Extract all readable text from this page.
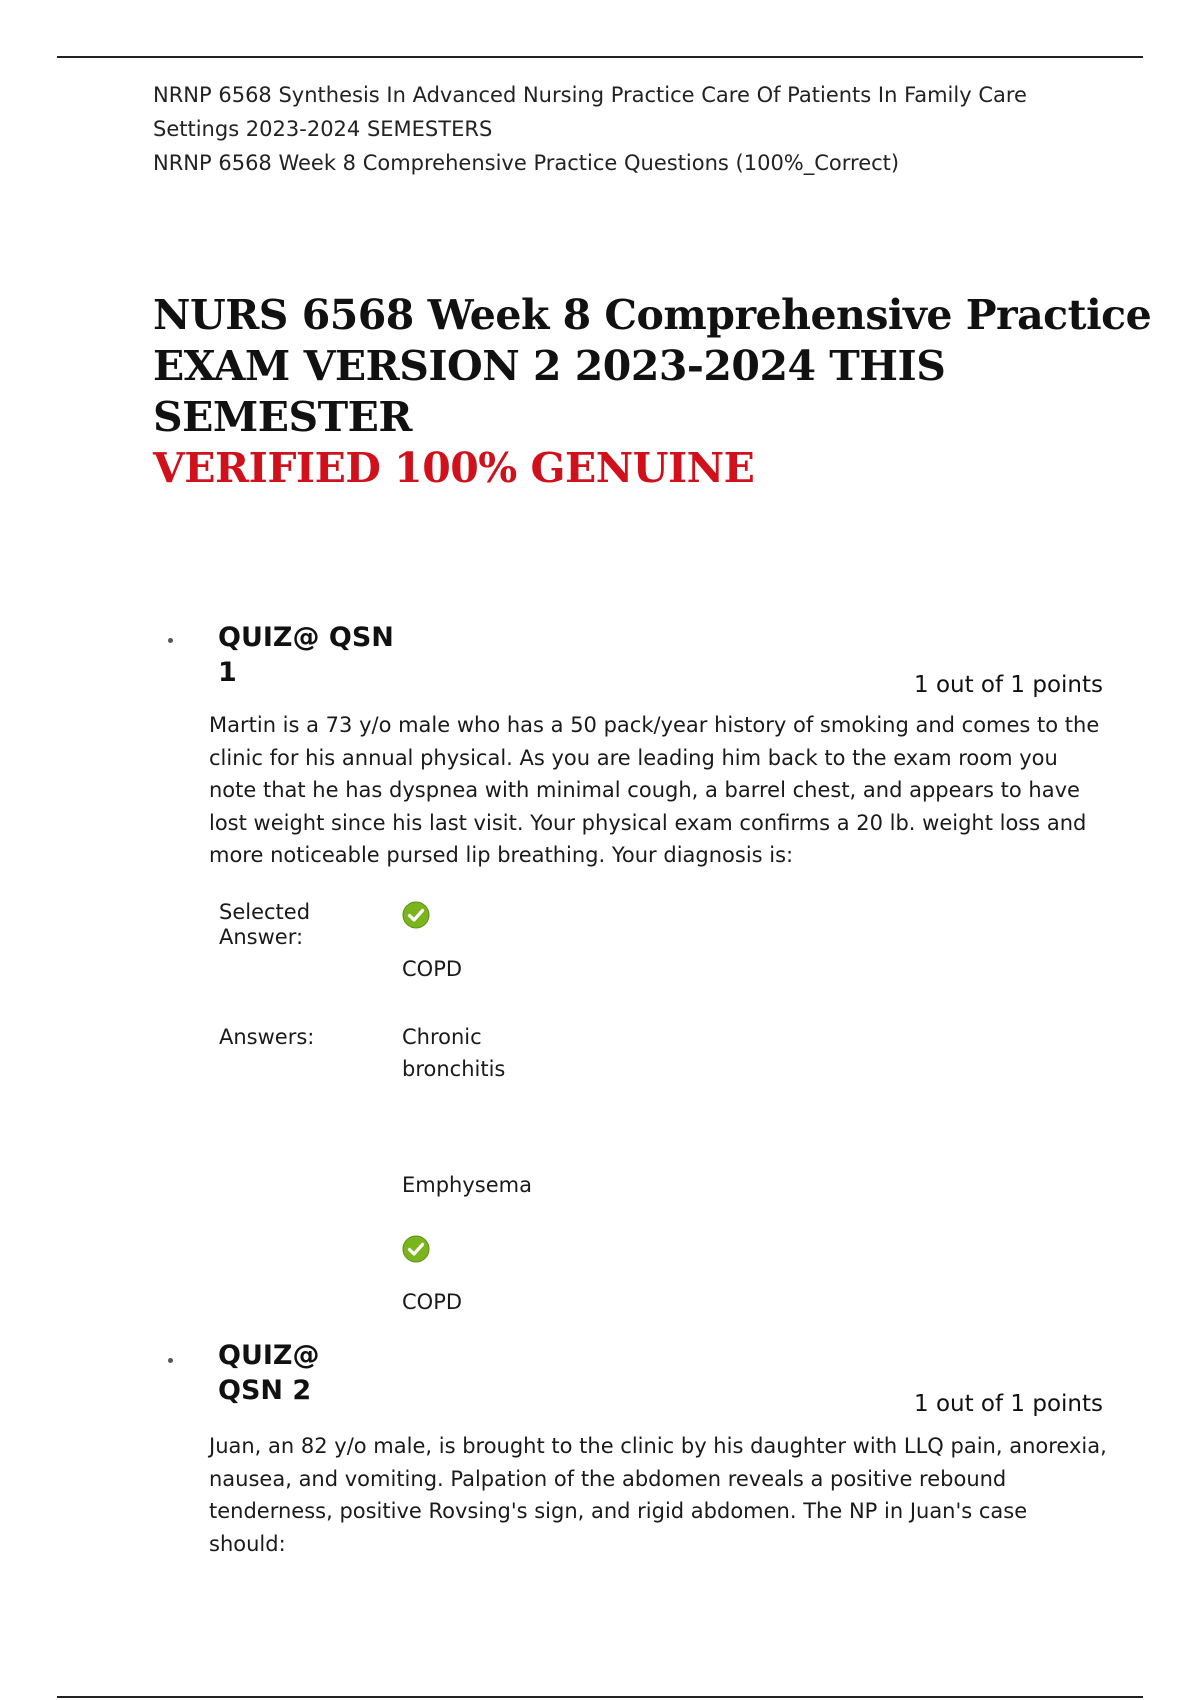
NRNP 6568 Synthesis In Advanced Nursing Practice Care Of Patients In Family Care
Settings 2023-2024 SEMESTERS
NRNP 6568 Week 8 Comprehensive Practice Questions (100%_Correct)
NURS 6568 Week 8 Comprehensive Practice
EXAM VERSION 2 2023-2024 THIS SEMESTER
VERIFIED 100% GENUINE
QUIZ@ QSN
1	1 out of 1 points
Martin is a 73 y/o male who has a 50 pack/year history of smoking and comes to the clinic for his annual physical. As you are leading him back to the exam room you note that he has dyspnea with minimal cough, a barrel chest, and appears to have lost weight since his last visit. Your physical exam confirms a 20 lb. weight loss and more noticeable pursed lip breathing. Your diagnosis is:
Selected
Answer:
COPD
Answers:	Chronic
bronchitis
Emphysema
COPD
QUIZ@
QSN 2	1 out of 1 points
Juan, an 82 y/o male, is brought to the clinic by his daughter with LLQ pain, anorexia, nausea, and vomiting. Palpation of the abdomen reveals a positive rebound tenderness, positive Rovsing's sign, and rigid abdomen. The NP in Juan's case should:
